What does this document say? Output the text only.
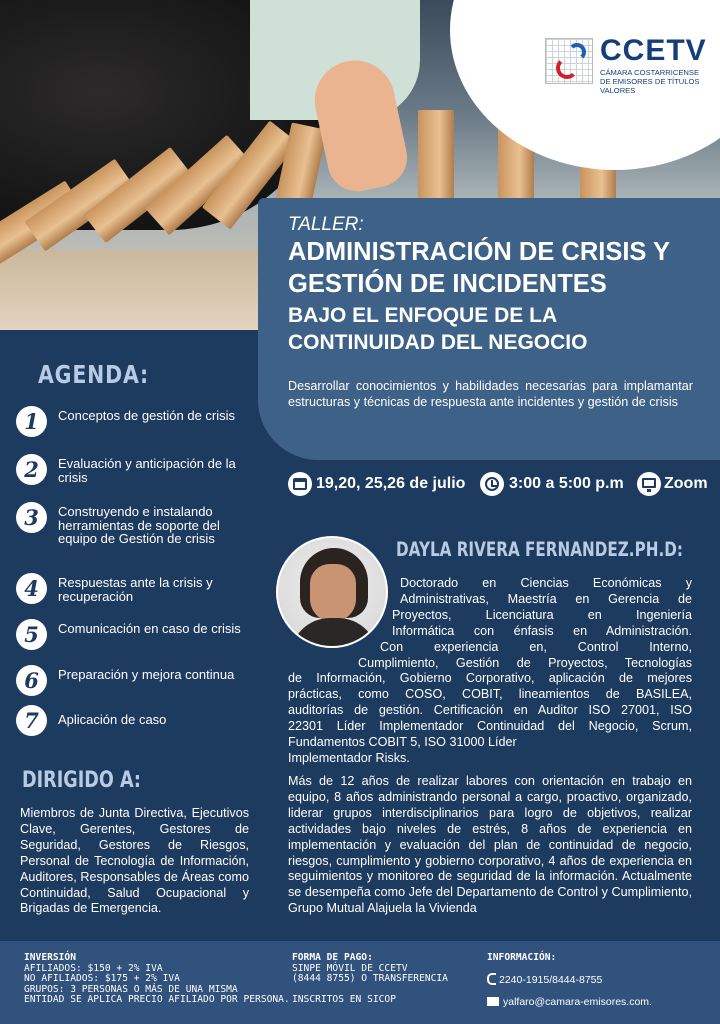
CCETV
CÁMARA COSTARRICENSE DE EMISORES DE TÍTULOS VALORES
TALLER:
ADMINISTRACIÓN DE CRISIS Y GESTIÓN DE INCIDENTES
BAJO EL ENFOQUE DE LA CONTINUIDAD DEL NEGOCIO
Desarrollar conocimientos y habilidades necesarias para implamantar estructuras y técnicas de respuesta ante incidentes y gestión de crisis
AGENDA:
1	Conceptos de gestión de crisis
2	Evaluación y anticipación de la crisis
3	Construyendo e instalando herramientas de soporte del equipo de Gestión de crisis
4	Respuestas ante la crisis y recuperación
5	Comunicación en caso de crisis
6	Preparación y mejora continua
7	Aplicación de caso
19,20, 25,26 de julio	3:00 a 5:00 p.m	Zoom
DAYLA RIVERA FERNANDEZ.PH.D:
Doctorado en Ciencias Económicas y
Administrativas, Maestría en Gerencia de
Proyectos, Licenciatura en Ingeniería
Informática con énfasis en Administración.
Con experiencia en, Control Interno,
Cumplimiento, Gestión de Proyectos, Tecnologías
de Información, Gobierno Corporativo, aplicación de mejores
prácticas, como COSO, COBIT, lineamientos de BASILEA,
auditorías de gestión. Certificación en Auditor ISO 27001, ISO
22301 Líder Implementador Continuidad del Negocio, Scrum,
Fundamentos COBIT 5, ISO 31000 Líder
Implementador Risks.
Más de 12 años de realizar labores con orientación en trabajo en equipo, 8 años administrando personal a cargo, proactivo, organizado, liderar grupos interdisciplinarios para logro de objetivos, realizar actividades bajo niveles de estrés, 8 años de experiencia en implementación y evaluación del plan de continuidad de negocio, riesgos, cumplimiento y gobierno corporativo, 4 años de experiencia en seguimientos y monitoreo de seguridad de la información. Actualmente se desempeña como Jefe del Departamento de Control y Cumplimiento, Grupo Mutual Alajuela la Vivienda
DIRIGIDO A:
Miembros de Junta Directiva, Ejecutivos Clave, Gerentes, Gestores de Seguridad, Gestores de Riesgos, Personal de Tecnología de Información, Auditores, Responsables de Áreas como Continuidad, Salud Ocupacional y Brigadas de Emergencia.
INVERSIÓN
AFILIADOS: $150 + 2% IVA
NO AFILIADOS: $175 + 2% IVA
GRUPOS: 3 PERSONAS O MÁS DE UNA MISMA
ENTIDAD SE APLICA PRECIO AFILIADO POR PERSONA.
FORMA DE PAGO:
SINPE MÓVIL DE CCETV
(8444 8755) O TRANSFERENCIA
INSCRITOS EN SICOP
INFORMACIÓN:
2240-1915/8444-8755
yalfaro@camara-emisores.com.
